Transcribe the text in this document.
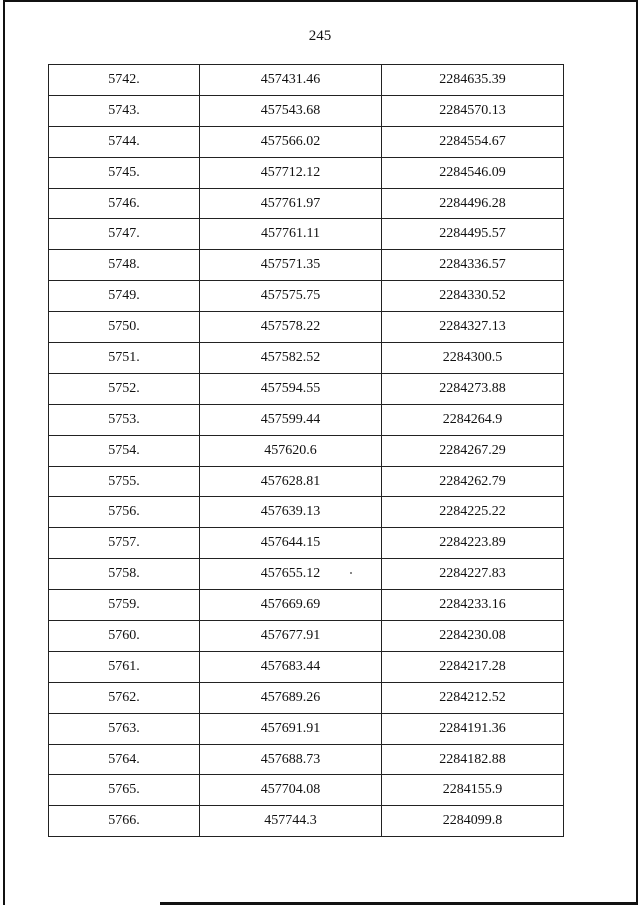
245
5742.	457431.46	2284635.39
5743.	457543.68	2284570.13
5744.	457566.02	2284554.67
5745.	457712.12	2284546.09
5746.	457761.97	2284496.28
5747.	457761.11	2284495.57
5748.	457571.35	2284336.57
5749.	457575.75	2284330.52
5750.	457578.22	2284327.13
5751.	457582.52	2284300.5
5752.	457594.55	2284273.88
5753.	457599.44	2284264.9
5754.	457620.6	2284267.29
5755.	457628.81	2284262.79
5756.	457639.13	2284225.22
5757.	457644.15	2284223.89
5758.	457655.12	2284227.83
5759.	457669.69	2284233.16
5760.	457677.91	2284230.08
5761.	457683.44	2284217.28
5762.	457689.26	2284212.52
5763.	457691.91	2284191.36
5764.	457688.73	2284182.88
5765.	457704.08	2284155.9
5766.	457744.3	2284099.8
